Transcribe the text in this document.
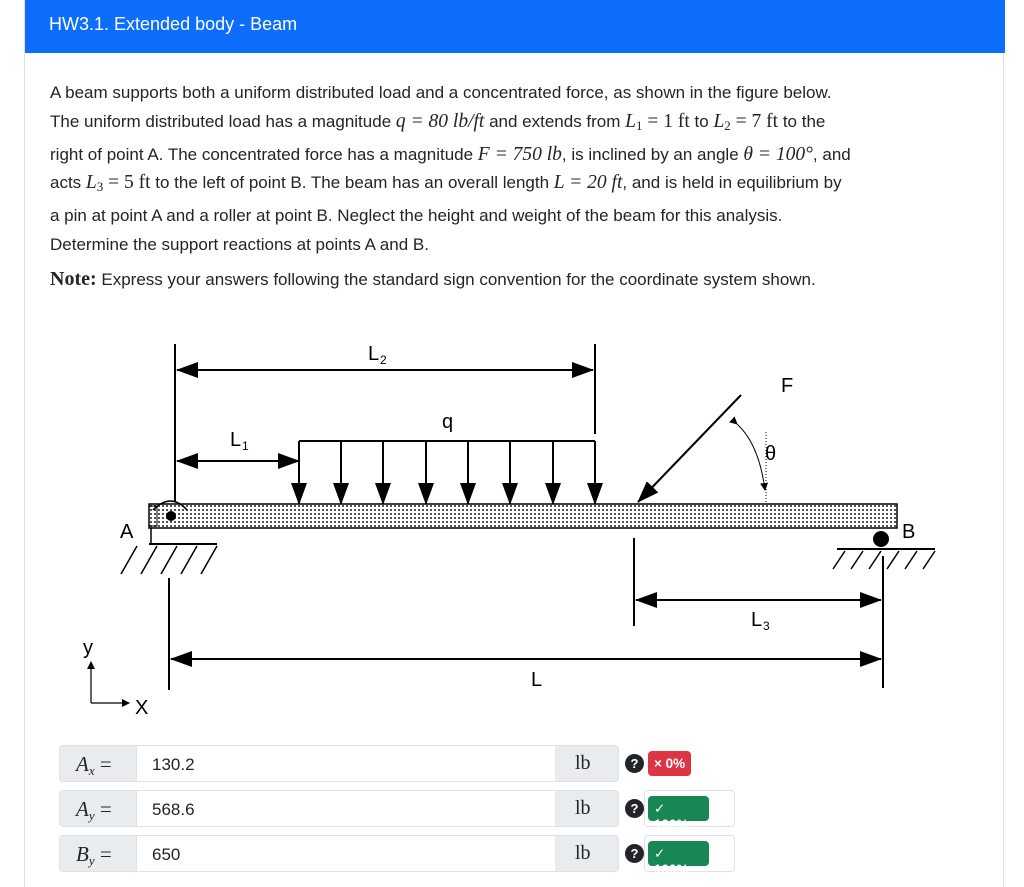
HW3.1. Extended body - Beam

A beam supports both a uniform distributed load and a concentrated force, as shown in the figure below.

The uniform distributed load has a magnitude q = 80 lb/ft and extends from $L_1 = 1$ ft to $L_2 = 7$ ft to the

right of point A. The concentrated force has a magnitude F = 750 lb, is inclined by an angle θ = 100°, and

acts $L_3 = 5$ ft to the left of point B. The beam has an overall length L = 20 ft, and is held in equilibrium by

a pin at point A and a roller at point B. Neglect the height and weight of the beam for this analysis.

Determine the support reactions at points A and B.

Note: Express your answers following the standard sign convention for the coordinate system shown.
L 2
L 1
q
F
θ
A	B
L 3
L
y
X
Ax =	130.2	lb	?	× 0%
Ay =	568.6	lb	?	✓ 100%
By =	650	lb	?	✓ 100%
